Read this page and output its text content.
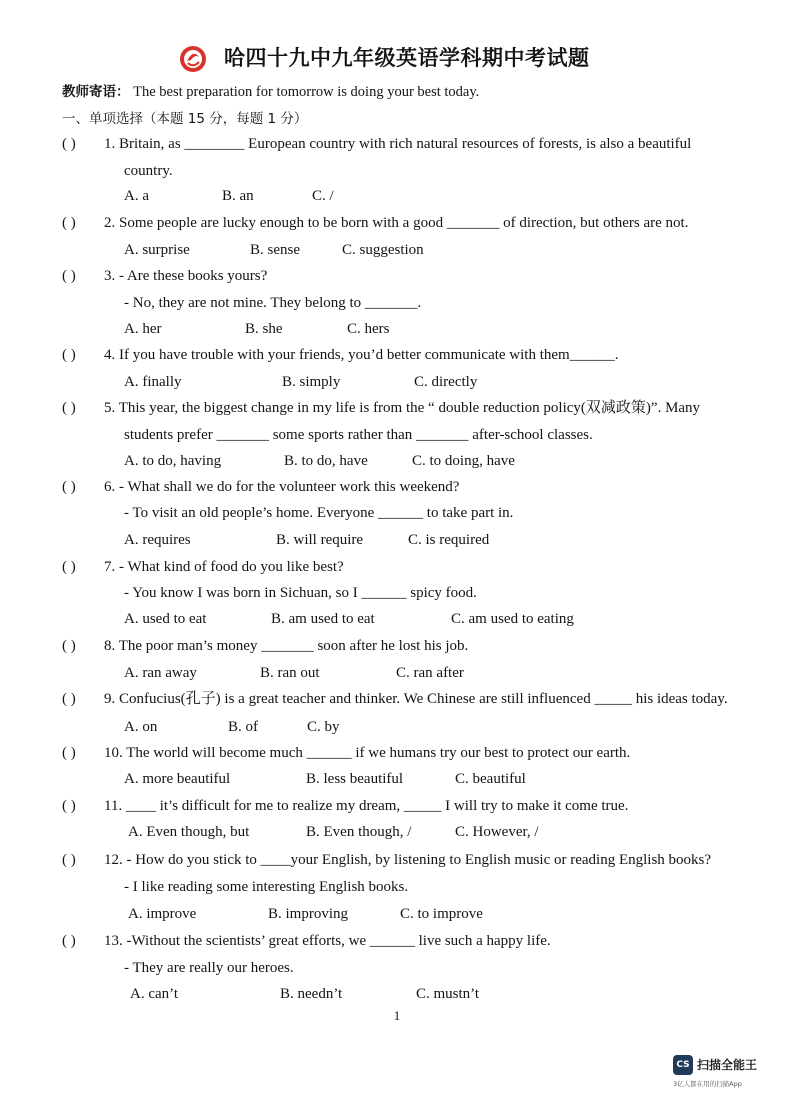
哈四十九中九年级英语学科期中考试题
教师寄语： The best preparation for tomorrow is doing your best today.
一、单项选择（本题 15 分，每题 1 分）
( ) 1. Britain, as ________ European country with rich natural resources of forests, is also a beautiful
country.
A. a	B. an	C. /
( ) 2. Some people are lucky enough to be born with a good _______ of direction, but others are not.
A. surprise	B. sense	C. suggestion
( ) 3. - Are these books yours?
- No, they are not mine. They belong to _______.
A. her	B. she	C. hers
( ) 4. If you have trouble with your friends, you’d better communicate with them______.
A. finally	B. simply	C. directly
( ) 5. This year, the biggest change in my life is from the “ double reduction policy(双减政策)”. Many
students prefer _______ some sports rather than _______ after-school classes.
A. to do, having	B. to do, have	C. to doing, have
( ) 6. - What shall we do for the volunteer work this weekend?
- To visit an old people’s home. Everyone ______ to take part in.
A. requires	B. will require	C. is required
( ) 7. - What kind of food do you like best?
- You know I was born in Sichuan, so I ______ spicy food.
A. used to eat	B. am used to eat	C. am used to eating
( ) 8. The poor man’s money _______ soon after he lost his job.
A. ran away	B. ran out	C. ran after
( ) 9. Confucius(孔子) is a great teacher and thinker. We Chinese are still influenced _____ his ideas today.
A. on	B. of	C. by
( ) 10. The world will become much ______ if we humans try our best to protect our earth.
A. more beautiful	B. less beautiful	C. beautiful
( ) 11. ____ it’s difficult for me to realize my dream, _____ I will try to make it come true.
A. Even though, but	B. Even though, /	C. However, /
( ) 12. - How do you stick to ____your English, by listening to English music or reading English books?
- I like reading some interesting English books.
A. improve	B. improving	C. to improve
( ) 13. -Without the scientists’ great efforts, we ______ live such a happy life.
- They are really our heroes.
A. can’t	B. needn’t	C. mustn’t
1
CS 扫描全能王
3亿人都在用的扫描App
